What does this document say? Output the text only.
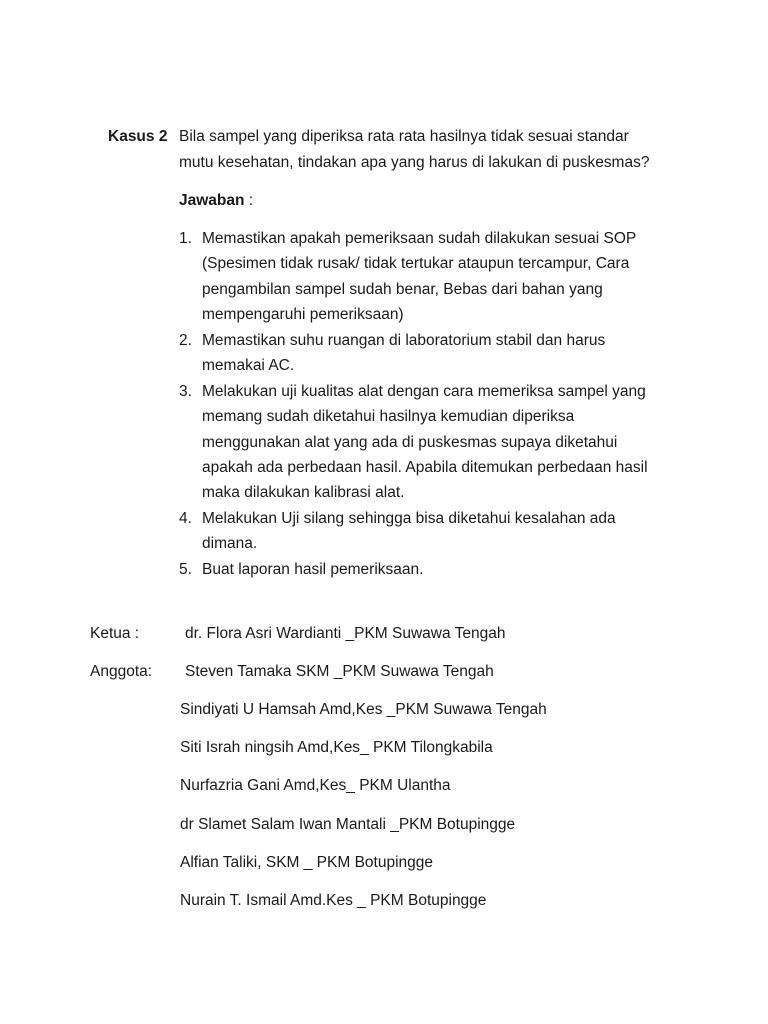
Kasus 2 Bila sampel yang diperiksa rata rata hasilnya tidak sesuai standar
mutu kesehatan, tindakan apa yang harus di lakukan di puskesmas?
Jawaban :
1. Memastikan apakah pemeriksaan sudah dilakukan sesuai SOP
(Spesimen tidak rusak/ tidak tertukar ataupun tercampur, Cara
pengambilan sampel sudah benar, Bebas dari bahan yang
mempengaruhi pemeriksaan)
2. Memastikan suhu ruangan di laboratorium stabil dan harus
memakai AC.
3. Melakukan uji kualitas alat dengan cara memeriksa sampel yang
memang sudah diketahui hasilnya kemudian diperiksa
menggunakan alat yang ada di puskesmas supaya diketahui
apakah ada perbedaan hasil. Apabila ditemukan perbedaan hasil
maka dilakukan kalibrasi alat.
4. Melakukan Uji silang sehingga bisa diketahui kesalahan ada
dimana.
5. Buat laporan hasil pemeriksaan.
Ketua :	dr. Flora Asri Wardianti _PKM Suwawa Tengah
Anggota: Steven Tamaka SKM _PKM Suwawa Tengah
Sindiyati U Hamsah Amd,Kes _PKM Suwawa Tengah
Siti Israh ningsih Amd,Kes_ PKM Tilongkabila
Nurfazria Gani Amd,Kes_ PKM Ulantha
dr Slamet Salam Iwan Mantali _PKM Botupingge
Alfian Taliki, SKM _ PKM Botupingge
Nurain T. Ismail Amd.Kes _ PKM Botupingge
